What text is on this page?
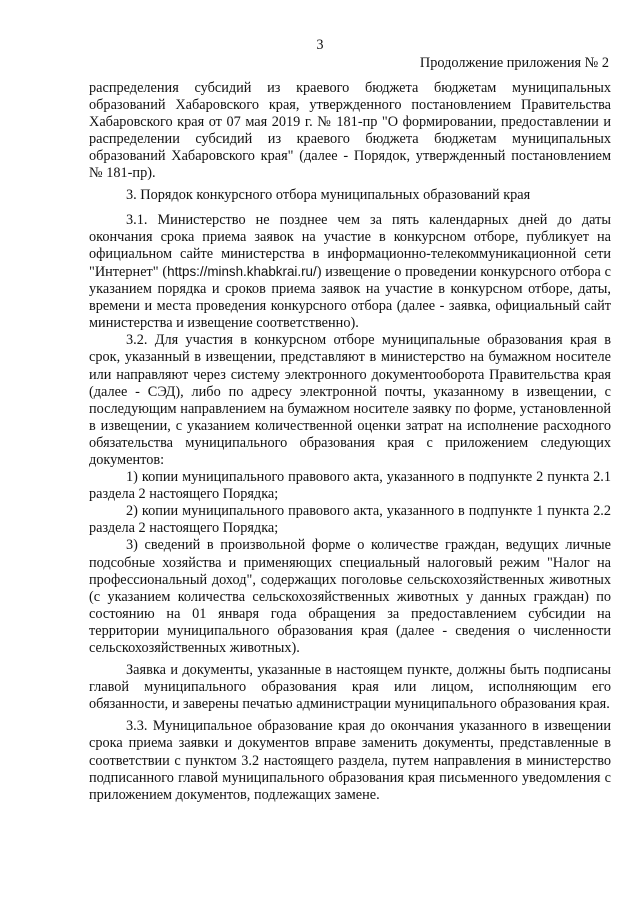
3
Продолжение приложения № 2

распределения субсидий из краевого бюджета бюджетам муниципальных образований Хабаровского края, утвержденного постановлением Правительства Хабаровского края от 07 мая 2019 г. № 181-пр "О формировании, предоставлении и распределении субсидий из краевого бюджета бюджетам муниципальных образований Хабаровского края" (далее - Порядок, утвержденный постановлением № 181-пр).

3. Порядок конкурсного отбора муниципальных образований края

3.1. Министерство не позднее чем за пять календарных дней до даты окончания срока приема заявок на участие в конкурсном отборе, публикует на официальном сайте министерства в информационно-телекоммуникационной сети "Интернет" (https://minsh.khabkrai.ru/) извещение о проведении конкурсного отбора с указанием порядка и сроков приема заявок на участие в конкурсном отборе, даты, времени и места проведения конкурсного отбора (далее - заявка, официальный сайт министерства и извещение соответственно).

3.2. Для участия в конкурсном отборе муниципальные образования края в срок, указанный в извещении, представляют в министерство на бумажном носителе или направляют через систему электронного документооборота Правительства края (далее - СЭД), либо по адресу электронной почты, указанному в извещении, с последующим направлением на бумажном носителе заявку по форме, установленной в извещении, с указанием количественной оценки затрат на исполнение расходного обязательства муниципального образования края с приложением следующих документов:

1) копии муниципального правового акта, указанного в подпункте 2 пункта 2.1 раздела 2 настоящего Порядка;

2) копии муниципального правового акта, указанного в подпункте 1 пункта 2.2 раздела 2 настоящего Порядка;

3) сведений в произвольной форме о количестве граждан, ведущих личные подсобные хозяйства и применяющих специальный налоговый режим "Налог на профессиональный доход", содержащих поголовье сельскохозяйственных животных (с указанием количества сельскохозяйственных животных у данных граждан) по состоянию на 01 января года обращения за предоставлением субсидии на территории муниципального образования края (далее - сведения о численности сельскохозяйственных животных).

Заявка и документы, указанные в настоящем пункте, должны быть подписаны главой муниципального образования края или лицом, исполняющим его обязанности, и заверены печатью администрации муниципального образования края.

3.3. Муниципальное образование края до окончания указанного в извещении срока приема заявки и документов вправе заменить документы, представленные в соответствии с пунктом 3.2 настоящего раздела, путем направления в министерство подписанного главой муниципального образования края письменного уведомления с приложением документов, подлежащих замене.
